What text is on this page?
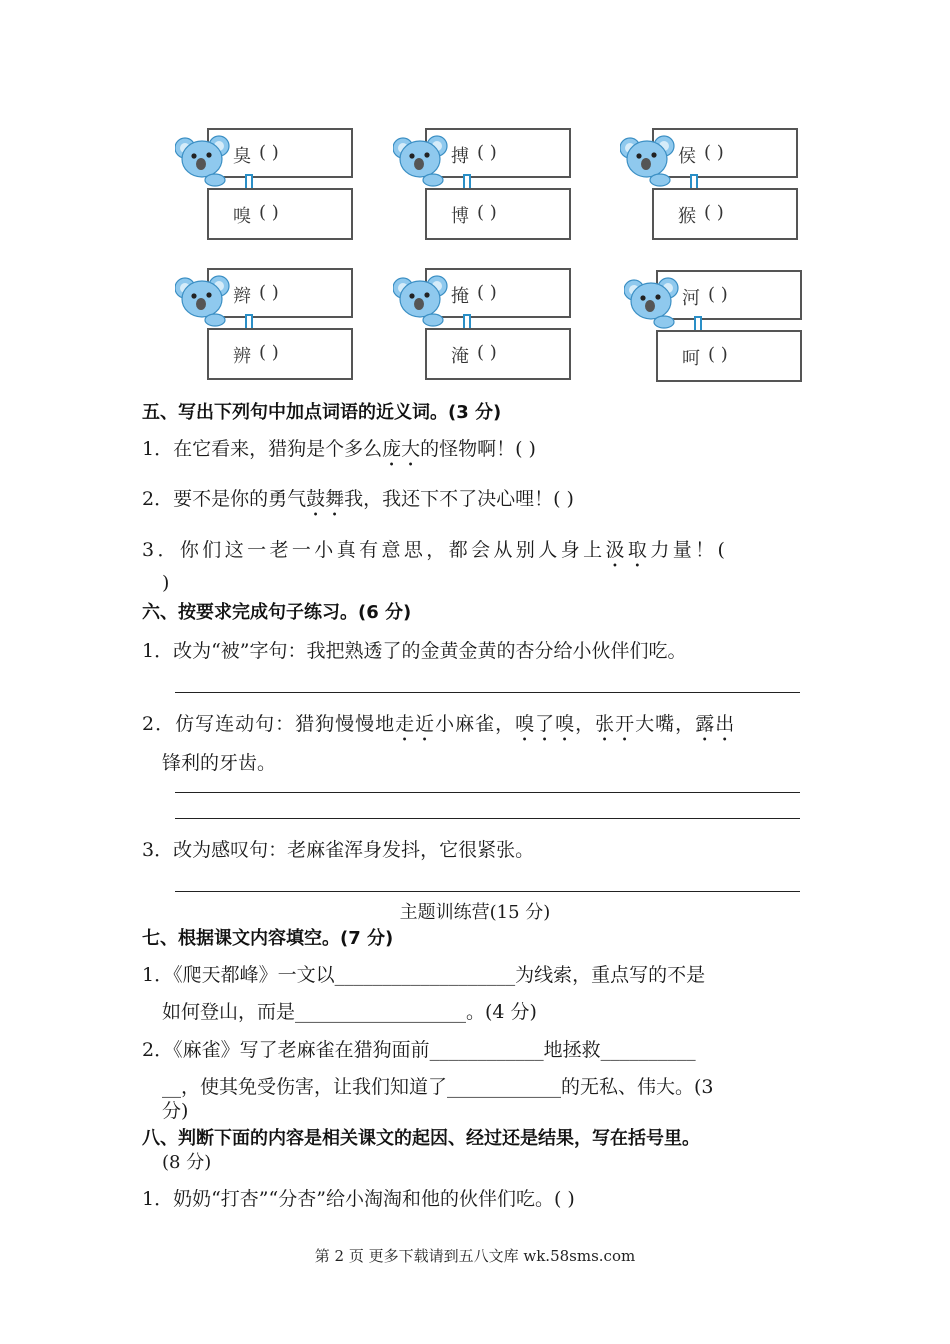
臭 ( )
嗅 ( )
搏 ( )
博 ( )
侯 ( )
猴 ( )
辫 ( )
辨 ( )
掩 ( )
淹 ( )
河 ( )
呵 ( )
五、写出下列句中加点词语的近义词。(3 分)
1．在它看来，猎狗是个多么庞大的怪物啊！( )
2．要不是你的勇气鼓舞我，我还下不了决心哩！( )
3．你们这一老一小真有意思，都会从别人身上汲取力量！(
)
六、按要求完成句子练习。(6 分)
1．改为“被”字句：我把熟透了的金黄金黄的杏分给小伙伴们吃。
2．仿写连动句：猎狗慢慢地走近小麻雀，嗅了嗅，张开大嘴，露出
锋利的牙齿。
3．改为感叹句：老麻雀浑身发抖，它很紧张。
主题训练营(15 分)
七、根据课文内容填空。(7 分)
1．《爬天都峰》一文以___________________为线索，重点写的不是
如何登山，而是__________________。(4 分)
2．《麻雀》写了老麻雀在猎狗面前____________地拯救__________
__，使其免受伤害，让我们知道了____________的无私、伟大。(3
分)
八、判断下面的内容是相关课文的起因、经过还是结果，写在括号里。
(8 分)
1．奶奶“打杏”“分杏”给小淘淘和他的伙伴们吃。( )
第 2 页 更多下载请到五八文库 wk.58sms.com
